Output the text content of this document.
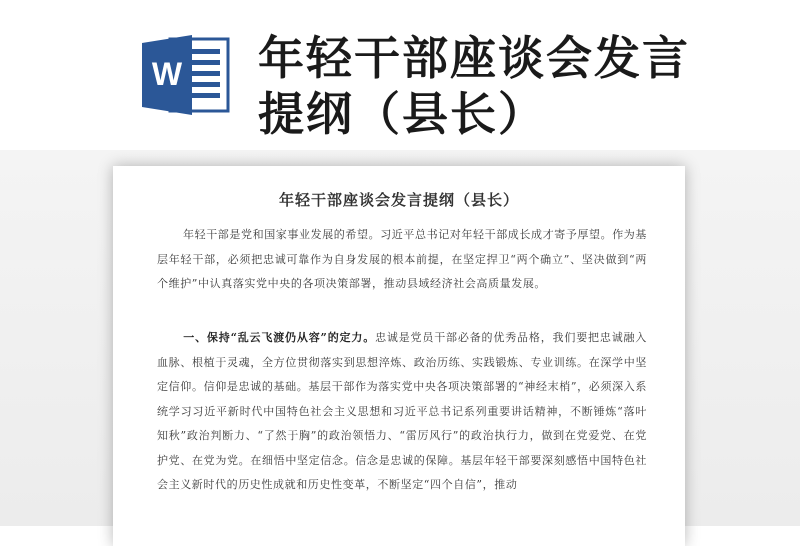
W 年轻干部座谈会发言
提纲（县长）
年轻干部座谈会发言提纲（县长）
年轻干部是党和国家事业发展的希望。习近平总书记对年轻干部成长成才寄予厚望。作为基层年轻干部，必须把忠诚可靠作为自身发展的根本前提，在坚定捍卫“两个确立”、坚决做到“两个维护”中认真落实党中央的各项决策部署，推动县域经济社会高质量发展。
一、保持“乱云飞渡仍从容”的定力。忠诚是党员干部必备的优秀品格，我们要把忠诚融入血脉、根植于灵魂，全方位贯彻落实到思想淬炼、政治历练、实践锻炼、专业训练。在深学中坚定信仰。信仰是忠诚的基础。基层干部作为落实党中央各项决策部署的“神经末梢”，必须深入系统学习习近平新时代中国特色社会主义思想和习近平总书记系列重要讲话精神，不断锤炼“落叶知秋”政治判断力、“了然于胸”的政治领悟力、“雷厉风行”的政治执行力，做到在党爱党、在党护党、在党为党。在细悟中坚定信念。信念是忠诚的保障。基层年轻干部要深刻感悟中国特色社会主义新时代的历史性成就和历史性变革，不断坚定“四个自信”，推动
